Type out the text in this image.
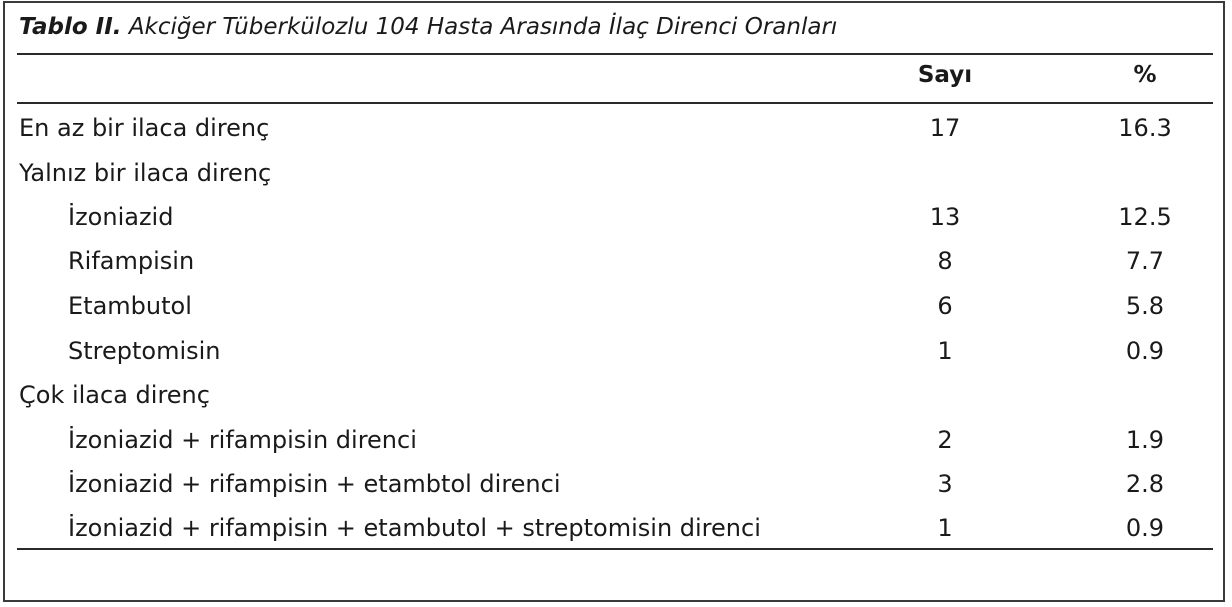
Tablo II. Akciğer Tüberkülozlu 104 Hasta Arasında İlaç Direnci Oranları
Sayı	%
En az bir ilaca direnç	17	16.3
Yalnız bir ilaca direnç
İzoniazid	13	12.5
Rifampisin	8	7.7
Etambutol	6	5.8
Streptomisin	1	0.9
Çok ilaca direnç
İzoniazid + rifampisin direnci	2	1.9
İzoniazid + rifampisin + etambtol direnci	3	2.8
İzoniazid + rifampisin + etambutol + streptomisin direnci	1	0.9
